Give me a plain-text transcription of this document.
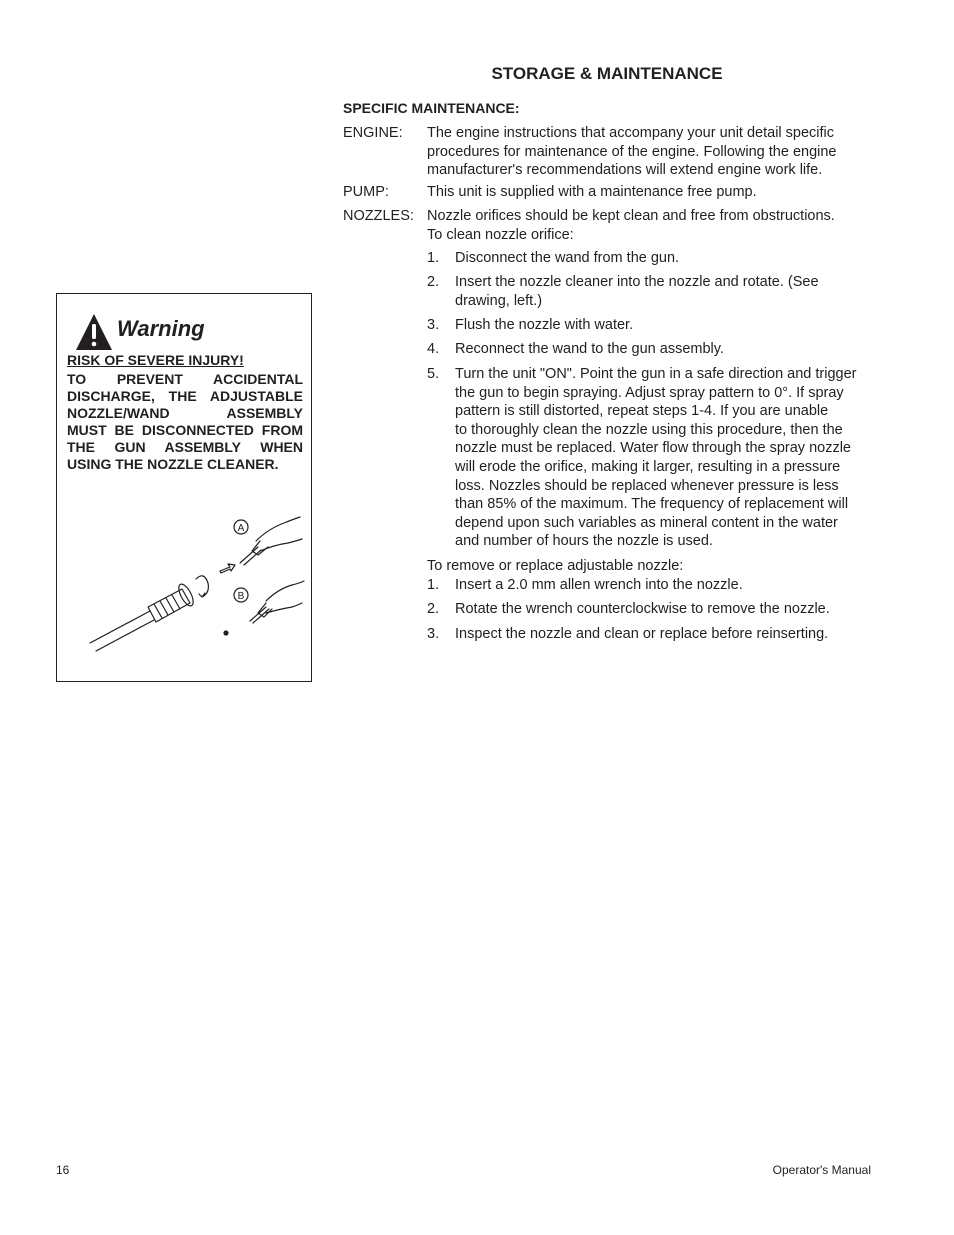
STORAGE & MAINTENANCE
SPECIFIC MAINTENANCE:
ENGINE: The engine instructions that accompany your unit detail specific
procedures for maintenance of the engine. Following the engine
manufacturer's recommendations will extend engine work life.
PUMP:	This unit is supplied with a maintenance free pump.
NOZZLES: Nozzle orifices should be kept clean and free from obstructions.
To clean nozzle orifice:
1. Disconnect the wand from the gun.
2. Insert the nozzle cleaner into the nozzle and rotate. (See
drawing, left.)
3. Flush the nozzle with water.
4. Reconnect the wand to the gun assembly.
5. Turn the unit "ON". Point the gun in a safe direction and trigger
the gun to begin spraying. Adjust spray pattern to 0°. If spray
pattern is still distorted, repeat steps 1-4. If you are unable
to thoroughly clean the nozzle using this procedure, then the
nozzle must be replaced. Water flow through the spray nozzle
will erode the orifice, making it larger, resulting in a pressure
loss. Nozzles should be replaced whenever pressure is less
than 85% of the maximum. The frequency of replacement will
depend upon such variables as mineral content in the water
and number of hours the nozzle is used.
To remove or replace adjustable nozzle:
1. Insert a 2.0 mm allen wrench into the nozzle.
2. Rotate the wrench counterclockwise to remove the nozzle.
3. Inspect the nozzle and clean or replace before reinserting.
Warning
RISK OF SEVERE INJURY!
TO PREVENT ACCIDENTAL
DISCHARGE, THE ADJUSTABLE
NOZZLE/WAND ASSEMBLY
MUST BE DISCONNECTED FROM
THE GUN ASSEMBLY WHEN
USING THE NOZZLE CLEANER.
A
B
16	Operator's Manual
